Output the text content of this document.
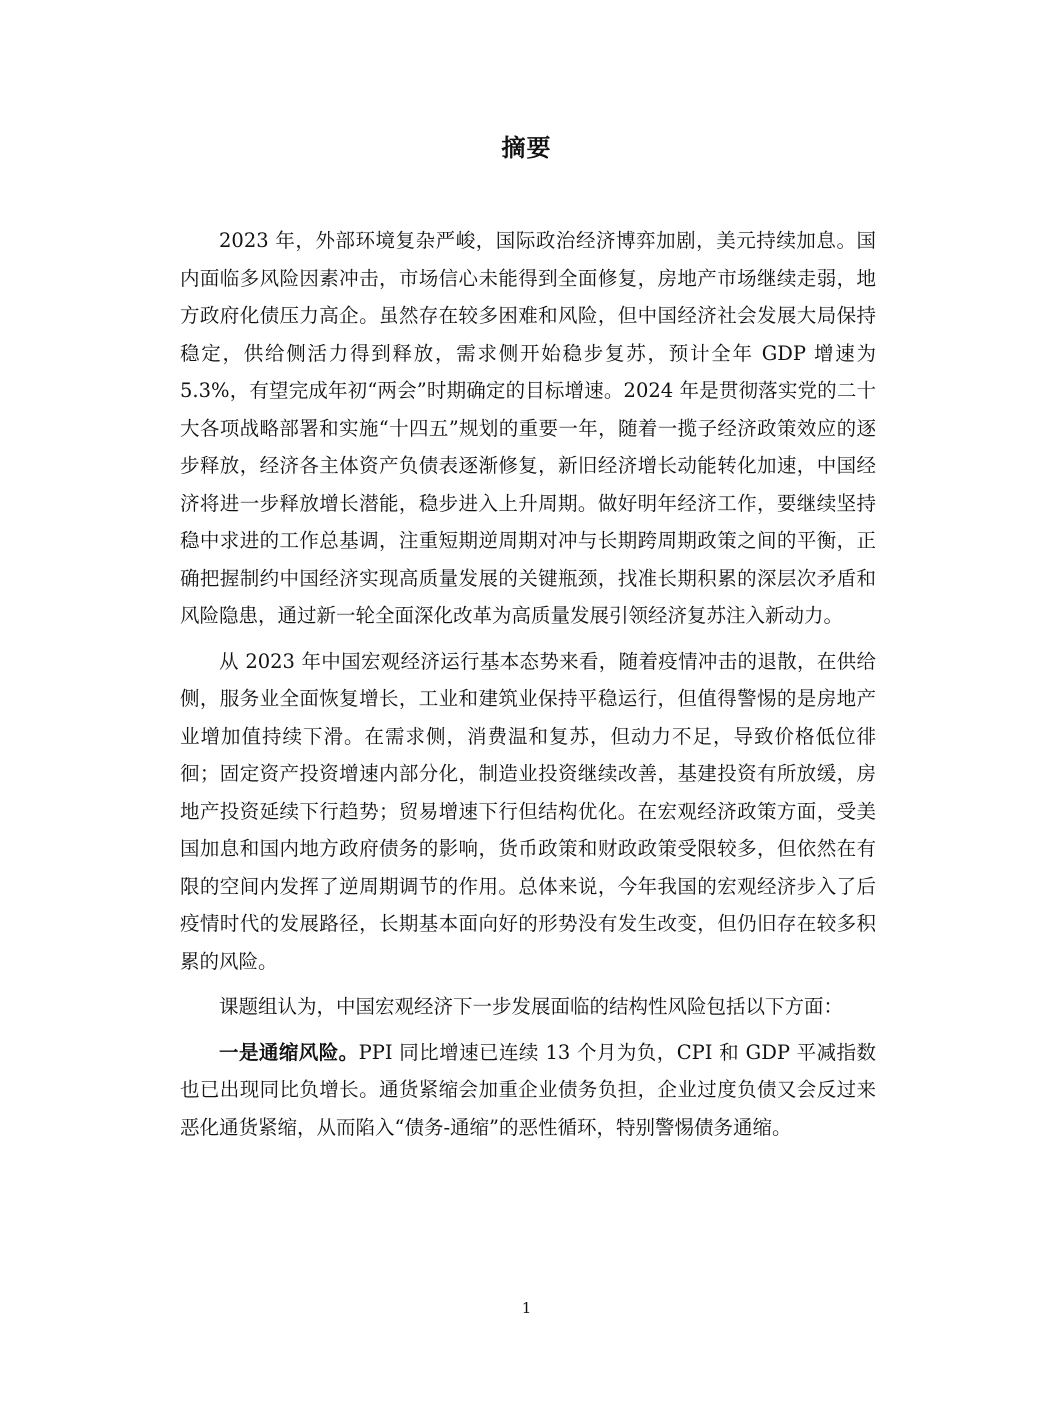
摘要

2023 年，外部环境复杂严峻，国际政治经济博弈加剧，美元持续加息。国内面临多风险因素冲击，市场信心未能得到全面修复，房地产市场继续走弱，地方政府化债压力高企。虽然存在较多困难和风险，但中国经济社会发展大局保持稳定，供给侧活力得到释放，需求侧开始稳步复苏，预计全年 GDP 增速为 5.3%，有望完成年初“两会”时期确定的目标增速。2024 年是贯彻落实党的二十大各项战略部署和实施“十四五”规划的重要一年，随着一揽子经济政策效应的逐步释放，经济各主体资产负债表逐渐修复，新旧经济增长动能转化加速，中国经济将进一步释放增长潜能，稳步进入上升周期。做好明年经济工作，要继续坚持稳中求进的工作总基调，注重短期逆周期对冲与长期跨周期政策之间的平衡，正确把握制约中国经济实现高质量发展的关键瓶颈，找准长期积累的深层次矛盾和风险隐患，通过新一轮全面深化改革为高质量发展引领经济复苏注入新动力。

从 2023 年中国宏观经济运行基本态势来看，随着疫情冲击的退散，在供给侧，服务业全面恢复增长，工业和建筑业保持平稳运行，但值得警惕的是房地产业增加值持续下滑。在需求侧，消费温和复苏，但动力不足，导致价格低位徘徊；固定资产投资增速内部分化，制造业投资继续改善，基建投资有所放缓，房地产投资延续下行趋势；贸易增速下行但结构优化。在宏观经济政策方面，受美国加息和国内地方政府债务的影响，货币政策和财政政策受限较多，但依然在有限的空间内发挥了逆周期调节的作用。总体来说，今年我国的宏观经济步入了后疫情时代的发展路径，长期基本面向好的形势没有发生改变，但仍旧存在较多积累的风险。

课题组认为，中国宏观经济下一步发展面临的结构性风险包括以下方面：

一是通缩风险。PPI 同比增速已连续 13 个月为负，CPI 和 GDP 平减指数也已出现同比负增长。通货紧缩会加重企业债务负担，企业过度负债又会反过来恶化通货紧缩，从而陷入“债务-通缩”的恶性循环，特别警惕债务通缩。

1
